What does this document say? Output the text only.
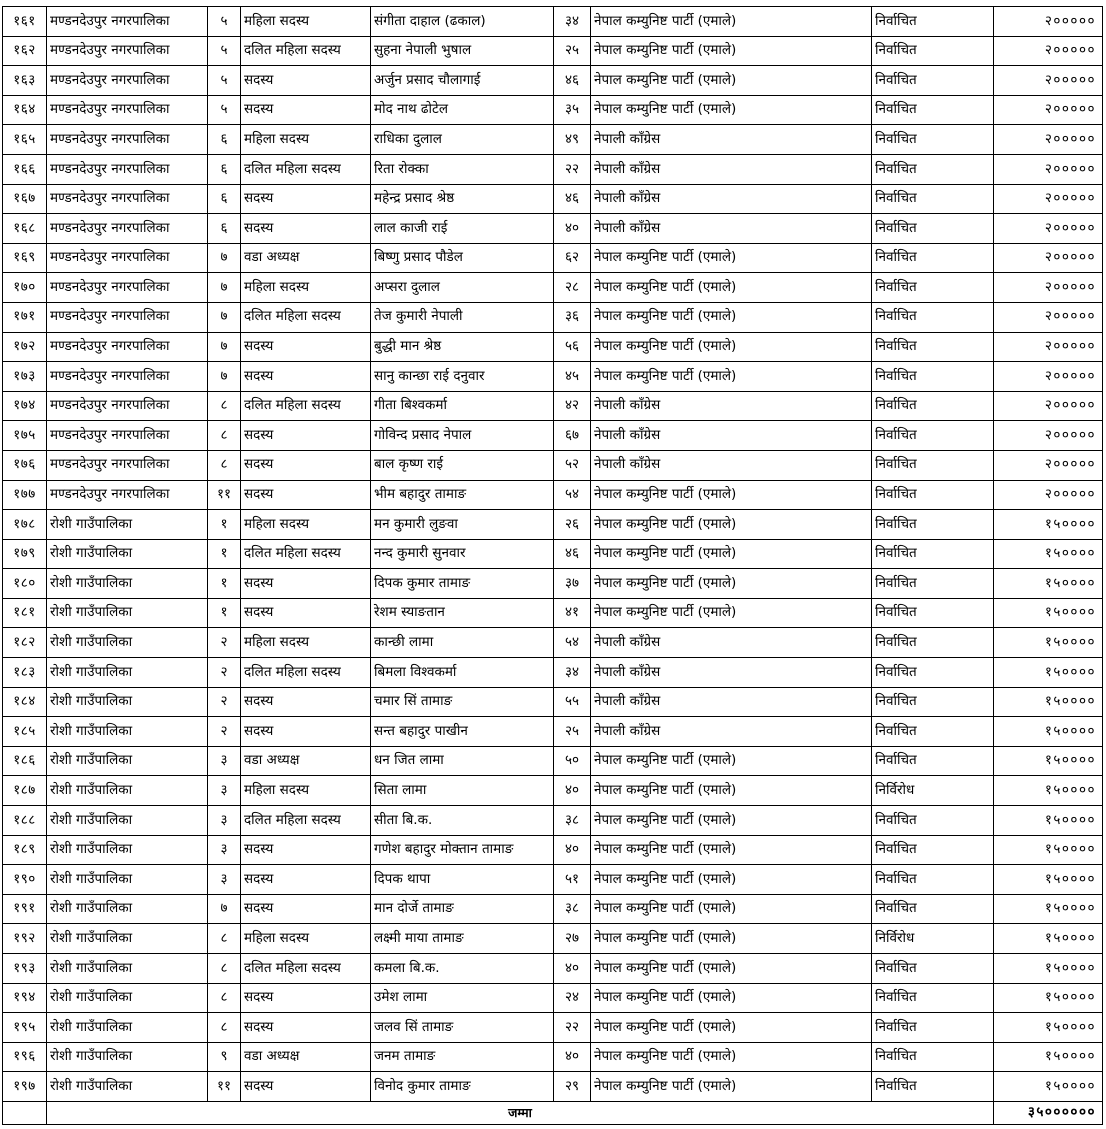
१६१	मण्डनदेउपुर नगरपालिका	५	महिला सदस्य	संगीता दाहाल (ढकाल)	३४	नेपाल कम्युनिष्ट पार्टी (एमाले)	निर्वाचित	२०००००
१६२	मण्डनदेउपुर नगरपालिका	५	दलित महिला सदस्य	सुहना नेपाली भुषाल	२५	नेपाल कम्युनिष्ट पार्टी (एमाले)	निर्वाचित	२०००००
१६३	मण्डनदेउपुर नगरपालिका	५	सदस्य	अर्जुन प्रसाद चौलागाई	४६	नेपाल कम्युनिष्ट पार्टी (एमाले)	निर्वाचित	२०००००
१६४	मण्डनदेउपुर नगरपालिका	५	सदस्य	मोद नाथ ढोटेल	३५	नेपाल कम्युनिष्ट पार्टी (एमाले)	निर्वाचित	२०००००
१६५	मण्डनदेउपुर नगरपालिका	६	महिला सदस्य	राधिका दुलाल	४९	नेपाली काँग्रेस	निर्वाचित	२०००००
१६६	मण्डनदेउपुर नगरपालिका	६	दलित महिला सदस्य	रिता रोक्का	२२	नेपाली काँग्रेस	निर्वाचित	२०००००
१६७	मण्डनदेउपुर नगरपालिका	६	सदस्य	महेन्द्र प्रसाद श्रेष्ठ	४६	नेपाली काँग्रेस	निर्वाचित	२०००००
१६८	मण्डनदेउपुर नगरपालिका	६	सदस्य	लाल काजी राई	४०	नेपाली काँग्रेस	निर्वाचित	२०००००
१६९	मण्डनदेउपुर नगरपालिका	७	वडा अध्यक्ष	बिष्णु प्रसाद पौडेल	६२	नेपाल कम्युनिष्ट पार्टी (एमाले)	निर्वाचित	२०००००
१७०	मण्डनदेउपुर नगरपालिका	७	महिला सदस्य	अप्सरा दुलाल	२८	नेपाल कम्युनिष्ट पार्टी (एमाले)	निर्वाचित	२०००००
१७१	मण्डनदेउपुर नगरपालिका	७	दलित महिला सदस्य	तेज कुमारी नेपाली	३६	नेपाल कम्युनिष्ट पार्टी (एमाले)	निर्वाचित	२०००००
१७२	मण्डनदेउपुर नगरपालिका	७	सदस्य	बुद्धी मान श्रेष्ठ	५६	नेपाल कम्युनिष्ट पार्टी (एमाले)	निर्वाचित	२०००००
१७३	मण्डनदेउपुर नगरपालिका	७	सदस्य	सानु कान्छा राई दनुवार	४५	नेपाल कम्युनिष्ट पार्टी (एमाले)	निर्वाचित	२०००००
१७४	मण्डनदेउपुर नगरपालिका	८	दलित महिला सदस्य	गीता बिश्वकर्मा	४२	नेपाली काँग्रेस	निर्वाचित	२०००००
१७५	मण्डनदेउपुर नगरपालिका	८	सदस्य	गोविन्द प्रसाद नेपाल	६७	नेपाली काँग्रेस	निर्वाचित	२०००००
१७६	मण्डनदेउपुर नगरपालिका	८	सदस्य	बाल कृष्ण राई	५२	नेपाली काँग्रेस	निर्वाचित	२०००००
१७७	मण्डनदेउपुर नगरपालिका	११	सदस्य	भीम बहादुर तामाङ	५४	नेपाल कम्युनिष्ट पार्टी (एमाले)	निर्वाचित	२०००००
१७८	रोशी गाउँपालिका	१	महिला सदस्य	मन कुमारी लुङवा	२६	नेपाल कम्युनिष्ट पार्टी (एमाले)	निर्वाचित	१५००००
१७९	रोशी गाउँपालिका	१	दलित महिला सदस्य	नन्द कुमारी सुनवार	४६	नेपाल कम्युनिष्ट पार्टी (एमाले)	निर्वाचित	१५००००
१८०	रोशी गाउँपालिका	१	सदस्य	दिपक कुमार तामाङ	३७	नेपाल कम्युनिष्ट पार्टी (एमाले)	निर्वाचित	१५००००
१८१	रोशी गाउँपालिका	१	सदस्य	रेशम स्याङतान	४१	नेपाल कम्युनिष्ट पार्टी (एमाले)	निर्वाचित	१५००००
१८२	रोशी गाउँपालिका	२	महिला सदस्य	कान्छी लामा	५४	नेपाली काँग्रेस	निर्वाचित	१५००००
१८३	रोशी गाउँपालिका	२	दलित महिला सदस्य	बिमला विश्वकर्मा	३४	नेपाली काँग्रेस	निर्वाचित	१५००००
१८४	रोशी गाउँपालिका	२	सदस्य	चमार सिं तामाङ	५५	नेपाली काँग्रेस	निर्वाचित	१५००००
१८५	रोशी गाउँपालिका	२	सदस्य	सन्त बहादुर पाखीन	२५	नेपाली काँग्रेस	निर्वाचित	१५००००
१८६	रोशी गाउँपालिका	३	वडा अध्यक्ष	धन जित लामा	५०	नेपाल कम्युनिष्ट पार्टी (एमाले)	निर्वाचित	१५००००
१८७	रोशी गाउँपालिका	३	महिला सदस्य	सिता लामा	४०	नेपाल कम्युनिष्ट पार्टी (एमाले)	निर्विरोध	१५००००
१८८	रोशी गाउँपालिका	३	दलित महिला सदस्य	सीता बि.क.	३८	नेपाल कम्युनिष्ट पार्टी (एमाले)	निर्वाचित	१५००००
१८९	रोशी गाउँपालिका	३	सदस्य	गणेश बहादुर मोक्तान तामाङ	४०	नेपाल कम्युनिष्ट पार्टी (एमाले)	निर्वाचित	१५००००
१९०	रोशी गाउँपालिका	३	सदस्य	दिपक थापा	५१	नेपाल कम्युनिष्ट पार्टी (एमाले)	निर्वाचित	१५००००
१९१	रोशी गाउँपालिका	७	सदस्य	मान दोर्जे तामाङ	३८	नेपाल कम्युनिष्ट पार्टी (एमाले)	निर्वाचित	१५००००
१९२	रोशी गाउँपालिका	८	महिला सदस्य	लक्ष्मी माया तामाङ	२७	नेपाल कम्युनिष्ट पार्टी (एमाले)	निर्विरोध	१५००००
१९३	रोशी गाउँपालिका	८	दलित महिला सदस्य	कमला बि.क.	४०	नेपाल कम्युनिष्ट पार्टी (एमाले)	निर्वाचित	१५००००
१९४	रोशी गाउँपालिका	८	सदस्य	उमेश लामा	२४	नेपाल कम्युनिष्ट पार्टी (एमाले)	निर्वाचित	१५००००
१९५	रोशी गाउँपालिका	८	सदस्य	जलव सिं तामाङ	२२	नेपाल कम्युनिष्ट पार्टी (एमाले)	निर्वाचित	१५००००
१९६	रोशी गाउँपालिका	९	वडा अध्यक्ष	जनम तामाङ	४०	नेपाल कम्युनिष्ट पार्टी (एमाले)	निर्वाचित	१५००००
१९७	रोशी गाउँपालिका	११	सदस्य	विनोद कुमार तामाङ	२९	नेपाल कम्युनिष्ट पार्टी (एमाले)	निर्वाचित	१५००००
	जम्मा							३५००००००
